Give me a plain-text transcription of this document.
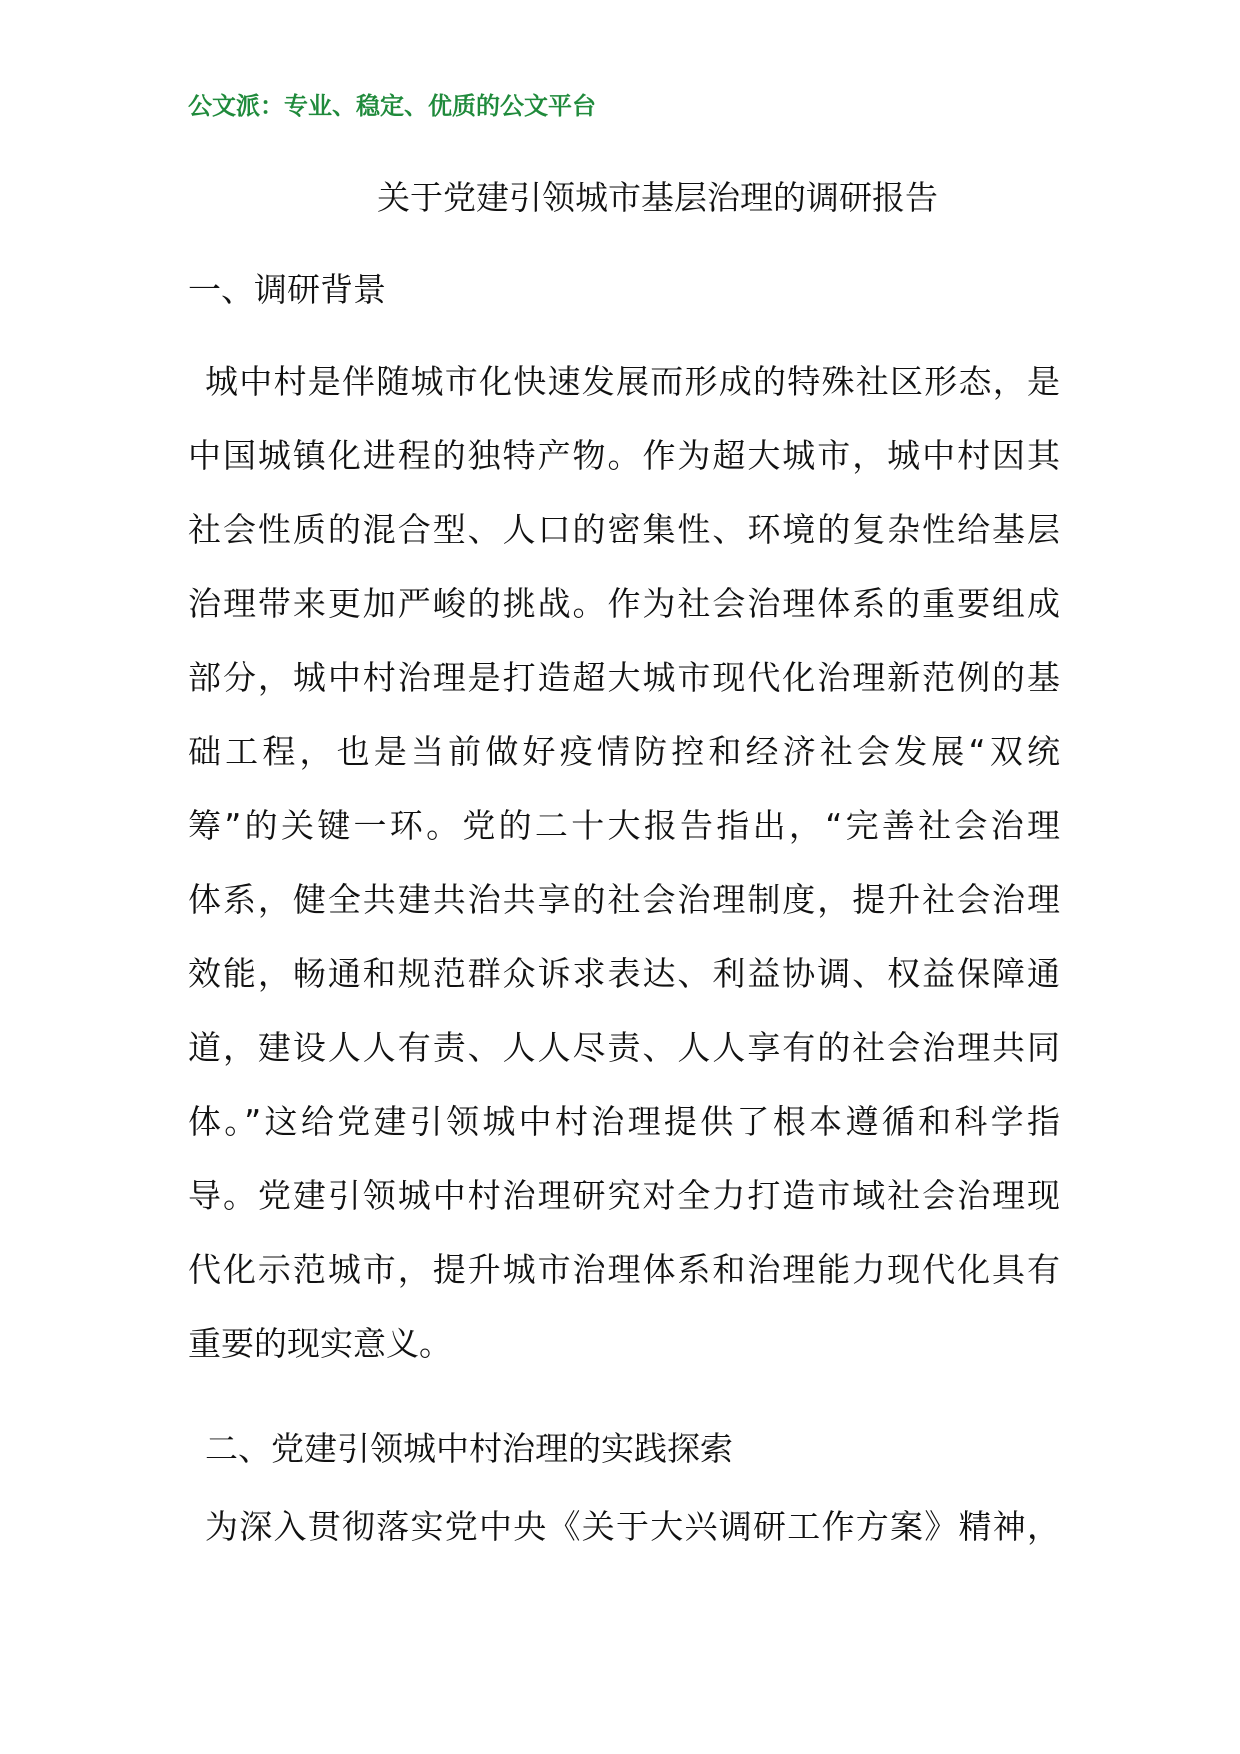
公文派：专业、稳定、优质的公文平台
关于党建引领城市基层治理的调研报告
一、调研背景
城中村是伴随城市化快速发展而形成的特殊社区形态，是
中国城镇化进程的独特产物。作为超大城市，城中村因其
社会性质的混合型、人口的密集性、环境的复杂性给基层
治理带来更加严峻的挑战。作为社会治理体系的重要组成
部分，城中村治理是打造超大城市现代化治理新范例的基
础工程，也是当前做好疫情防控和经济社会发展“双统
筹”的关键一环。党的二十大报告指出，“完善社会治理
体系，健全共建共治共享的社会治理制度，提升社会治理
效能，畅通和规范群众诉求表达、利益协调、权益保障通
道，建设人人有责、人人尽责、人人享有的社会治理共同
体。”这给党建引领城中村治理提供了根本遵循和科学指
导。党建引领城中村治理研究对全力打造市域社会治理现
代化示范城市，提升城市治理体系和治理能力现代化具有
重要的现实意义。
二、党建引领城中村治理的实践探索
为深入贯彻落实党中央《关于大兴调研工作方案》精神，
